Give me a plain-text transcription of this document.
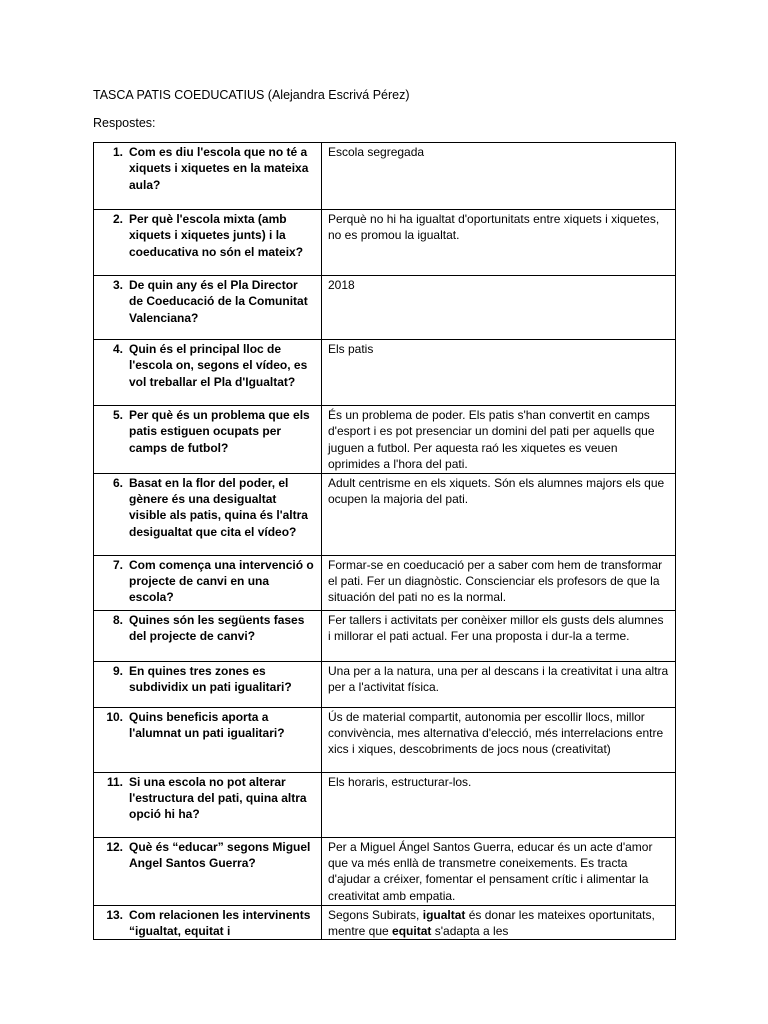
TASCA PATIS COEDUCATIUS (Alejandra Escrivá Pérez)
Respostes:
1. Com es diu l'escola que no té a xiquets i xiquetes en la mateixa aula?	Escola segregada

2. Per què l'escola mixta (amb xiquets i xiquetes junts) i la coeducativa no són el mateix?	Perquè no hi ha igualtat d'oportunitats entre xiquets i xiquetes, no es promou la igualtat.

3. De quin any és el Pla Director de Coeducació de la Comunitat Valenciana?	2018

4. Quin és el principal lloc de l'escola on, segons el vídeo, es vol treballar el Pla d'Igualtat?	Els patis

5. Per què és un problema que els patis estiguen ocupats per camps de futbol?	És un problema de poder. Els patis s'han convertit en camps d'esport i es pot presenciar un domini del pati per aquells que juguen a futbol. Per aquesta raó les xiquetes es veuen oprimides a l'hora del pati.

6. Basat en la flor del poder, el gènere és una desigualtat visible als patis, quina és l'altra desigualtat que cita el vídeo?	Adult centrisme en els xiquets. Són els alumnes majors els que ocupen la majoria del pati.

7. Com comença una intervenció o projecte de canvi en una escola?	Formar-se en coeducació per a saber com hem de transformar el pati. Fer un diagnòstic. Conscienciar els profesors de que la situación del pati no es la normal.

8. Quines són les següents fases del projecte de canvi?	Fer tallers i activitats per conèixer millor els gusts dels alumnes i millorar el pati actual. Fer una proposta i dur-la a terme.

9. En quines tres zones es subdividix un pati igualitari?	Una per a la natura, una per al descans i la creativitat i una altra per a l'activitat física.

10. Quins beneficis aporta a l'alumnat un pati igualitari?	Ús de material compartit, autonomia per escollir llocs, millor convivència, mes alternativa d'elecció, més interrelacions entre xics i xiques, descobriments de jocs nous (creativitat)

11. Si una escola no pot alterar l'estructura del pati, quina altra opció hi ha?	Els horaris, estructurar-los.

12. Què és “educar” segons Miguel Angel Santos Guerra?	Per a Miguel Ángel Santos Guerra, educar és un acte d'amor que va més enllà de transmetre coneixements. Es tracta d'ajudar a créixer, fomentar el pensament crític i alimentar la creativitat amb empatia.

13. Com relacionen les intervinents “igualtat, equitat i	Segons Subirats, igualtat és donar les mateixes oportunitats, mentre que equitat s'adapta a les
